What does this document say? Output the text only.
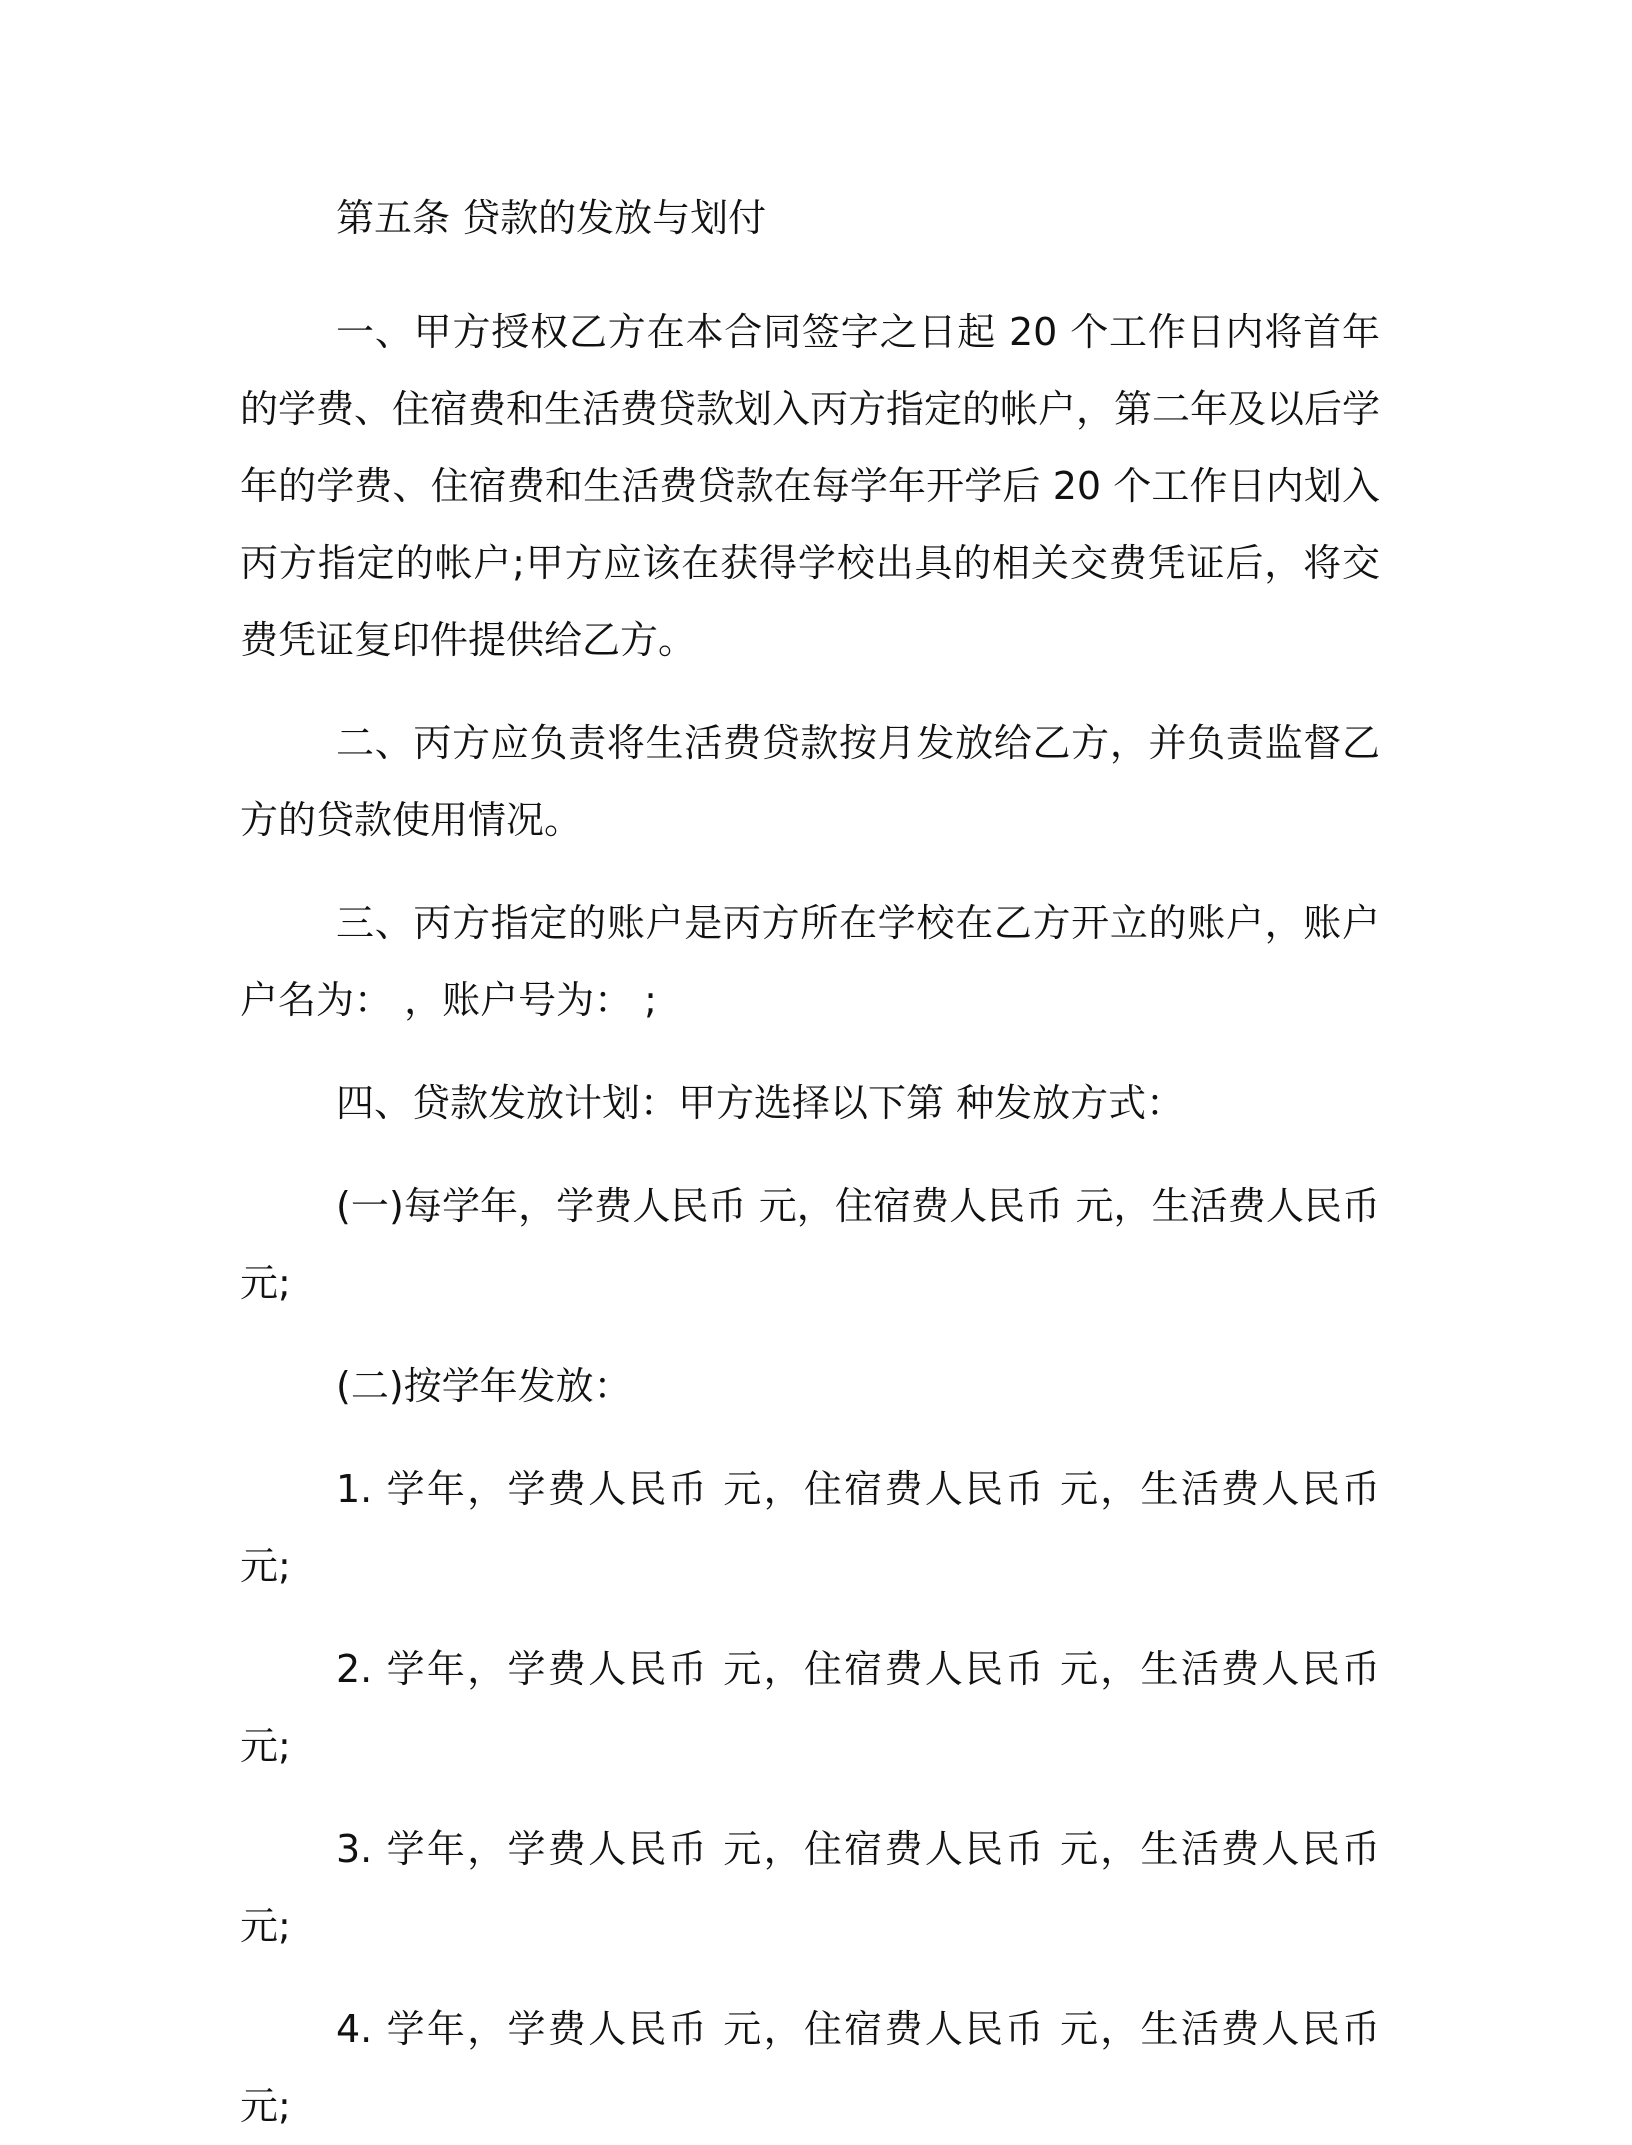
第五条 贷款的发放与划付

一、甲方授权乙方在本合同签字之日起 20 个工作日内将首年的学费、住宿费和生活费贷款划入丙方指定的帐户，第二年及以后学年的学费、住宿费和生活费贷款在每学年开学后 20 个工作日内划入丙方指定的帐户;甲方应该在获得学校出具的相关交费凭证后，将交费凭证复印件提供给乙方。

二、丙方应负责将生活费贷款按月发放给乙方，并负责监督乙方的贷款使用情况。

三、丙方指定的账户是丙方所在学校在乙方开立的账户，账户户名为： ，账户号为： ;

四、贷款发放计划：甲方选择以下第 种发放方式：

(一)每学年，学费人民币 元，住宿费人民币 元，生活费人民币 元;

(二)按学年发放：

1. 学年，学费人民币 元，住宿费人民币 元，生活费人民币 元;

2. 学年，学费人民币 元，住宿费人民币 元，生活费人民币 元;

3. 学年，学费人民币 元，住宿费人民币 元，生活费人民币 元;

4. 学年，学费人民币 元，住宿费人民币 元，生活费人民币 元;
